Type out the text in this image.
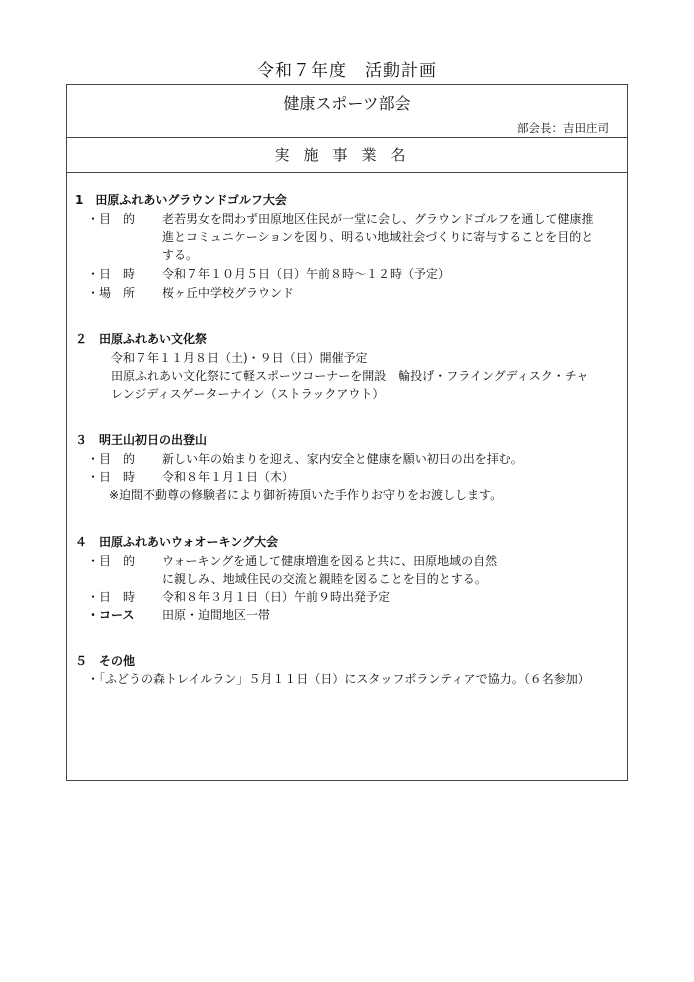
令和７年度　活動計画
健康スポーツ部会
部会長：吉田庄司
実施事業名
1　田原ふれあいグラウンドゴルフ大会
・目　的 老若男女を問わず田原地区住民が一堂に会し、グラウンドゴルフを通して健康推
進とコミュニケーションを図り、明るい地域社会づくりに寄与することを目的と
する。
・日　時 令和７年１０月５日（日）午前８時～１２時（予定）
・場　所 桜ヶ丘中学校グラウンド
２　田原ふれあい文化祭
令和７年１１月８日（土)・９日（日）開催予定
田原ふれあい文化祭にて軽スポーツコーナーを開設　輪投げ・フライングディスク・チャ
レンジディスゲーターナイン（ストラックアウト）
３　明王山初日の出登山
・目　的 新しい年の始まりを迎え、家内安全と健康を願い初日の出を拝む。
・日　時 令和８年１月１日（木）
※迫間不動尊の修験者により御祈祷頂いた手作りお守りをお渡しします。
４　田原ふれあいウォオーキング大会
・目　的 ウォーキングを通して健康増進を図ると共に、田原地域の自然
に親しみ、地域住民の交流と親睦を図ることを目的とする。
・日　時 令和８年３月１日（日）午前９時出発予定
・コース 田原・迫間地区一帯
５　その他
・「ふどうの森トレイルラン」５月１１日（日）にスタッフボランティアで協力。（６名参加）
